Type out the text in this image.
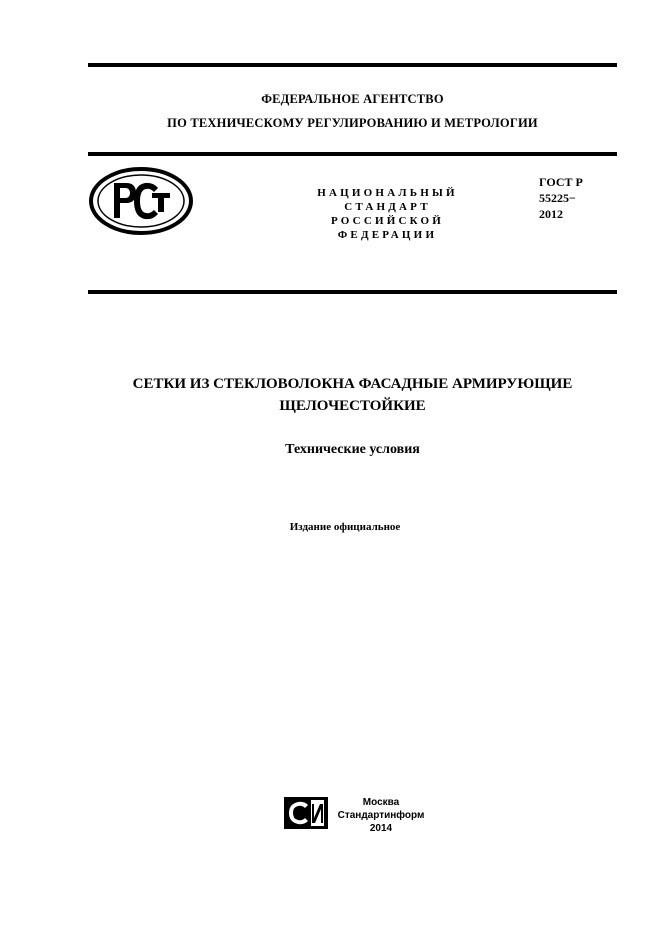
ФЕДЕРАЛЬНОЕ АГЕНТСТВО
ПО ТЕХНИЧЕСКОМУ РЕГУЛИРОВАНИЮ И МЕТРОЛОГИИ
НАЦИОНАЛЬНЫЙ
СТАНДАРТ
РОССИЙСКОЙ
ФЕДЕРАЦИИ
ГОСТ Р
55225−
2012
СЕТКИ ИЗ СТЕКЛОВОЛОКНА ФАСАДНЫЕ АРМИРУЮЩИЕ
ЩЕЛОЧЕСТОЙКИЕ
Технические условия
Издание официальное
Москва
Стандартинформ
2014
